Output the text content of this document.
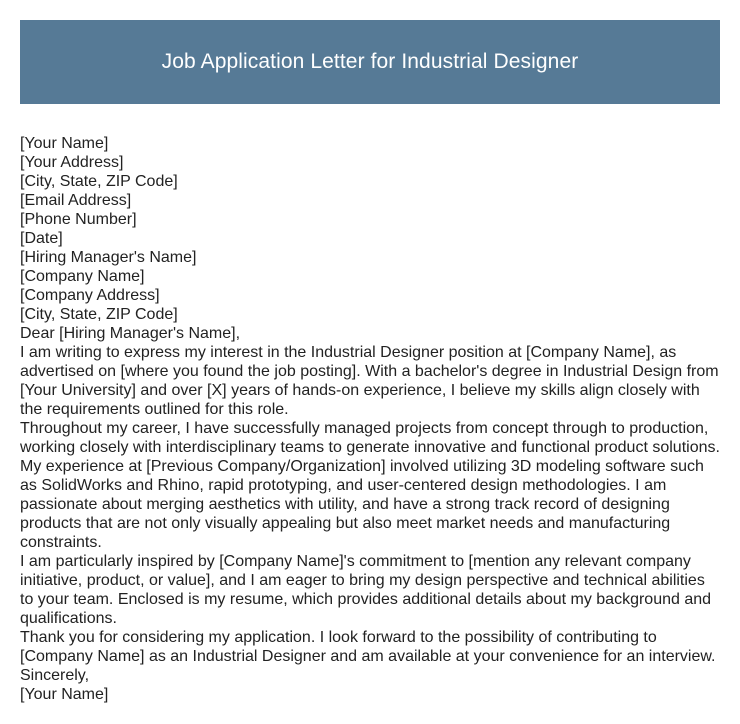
Job Application Letter for Industrial Designer

[Your Name]

[Your Address]

[City, State, ZIP Code]

[Email Address]

[Phone Number]

[Date]

[Hiring Manager's Name]

[Company Name]

[Company Address]

[City, State, ZIP Code]

Dear [Hiring Manager's Name],

I am writing to express my interest in the Industrial Designer position at [Company Name], as advertised on [where you found the job posting]. With a bachelor's degree in Industrial Design from [Your University] and over [X] years of hands-on experience, I believe my skills align closely with the requirements outlined for this role.

Throughout my career, I have successfully managed projects from concept through to production, working closely with interdisciplinary teams to generate innovative and functional product solutions. My experience at [Previous Company/Organization] involved utilizing 3D modeling software such as SolidWorks and Rhino, rapid prototyping, and user-centered design methodologies. I am passionate about merging aesthetics with utility, and have a strong track record of designing products that are not only visually appealing but also meet market needs and manufacturing constraints.

I am particularly inspired by [Company Name]'s commitment to [mention any relevant company initiative, product, or value], and I am eager to bring my design perspective and technical abilities to your team. Enclosed is my resume, which provides additional details about my background and qualifications.

Thank you for considering my application. I look forward to the possibility of contributing to [Company Name] as an Industrial Designer and am available at your convenience for an interview.

Sincerely,

[Your Name]
